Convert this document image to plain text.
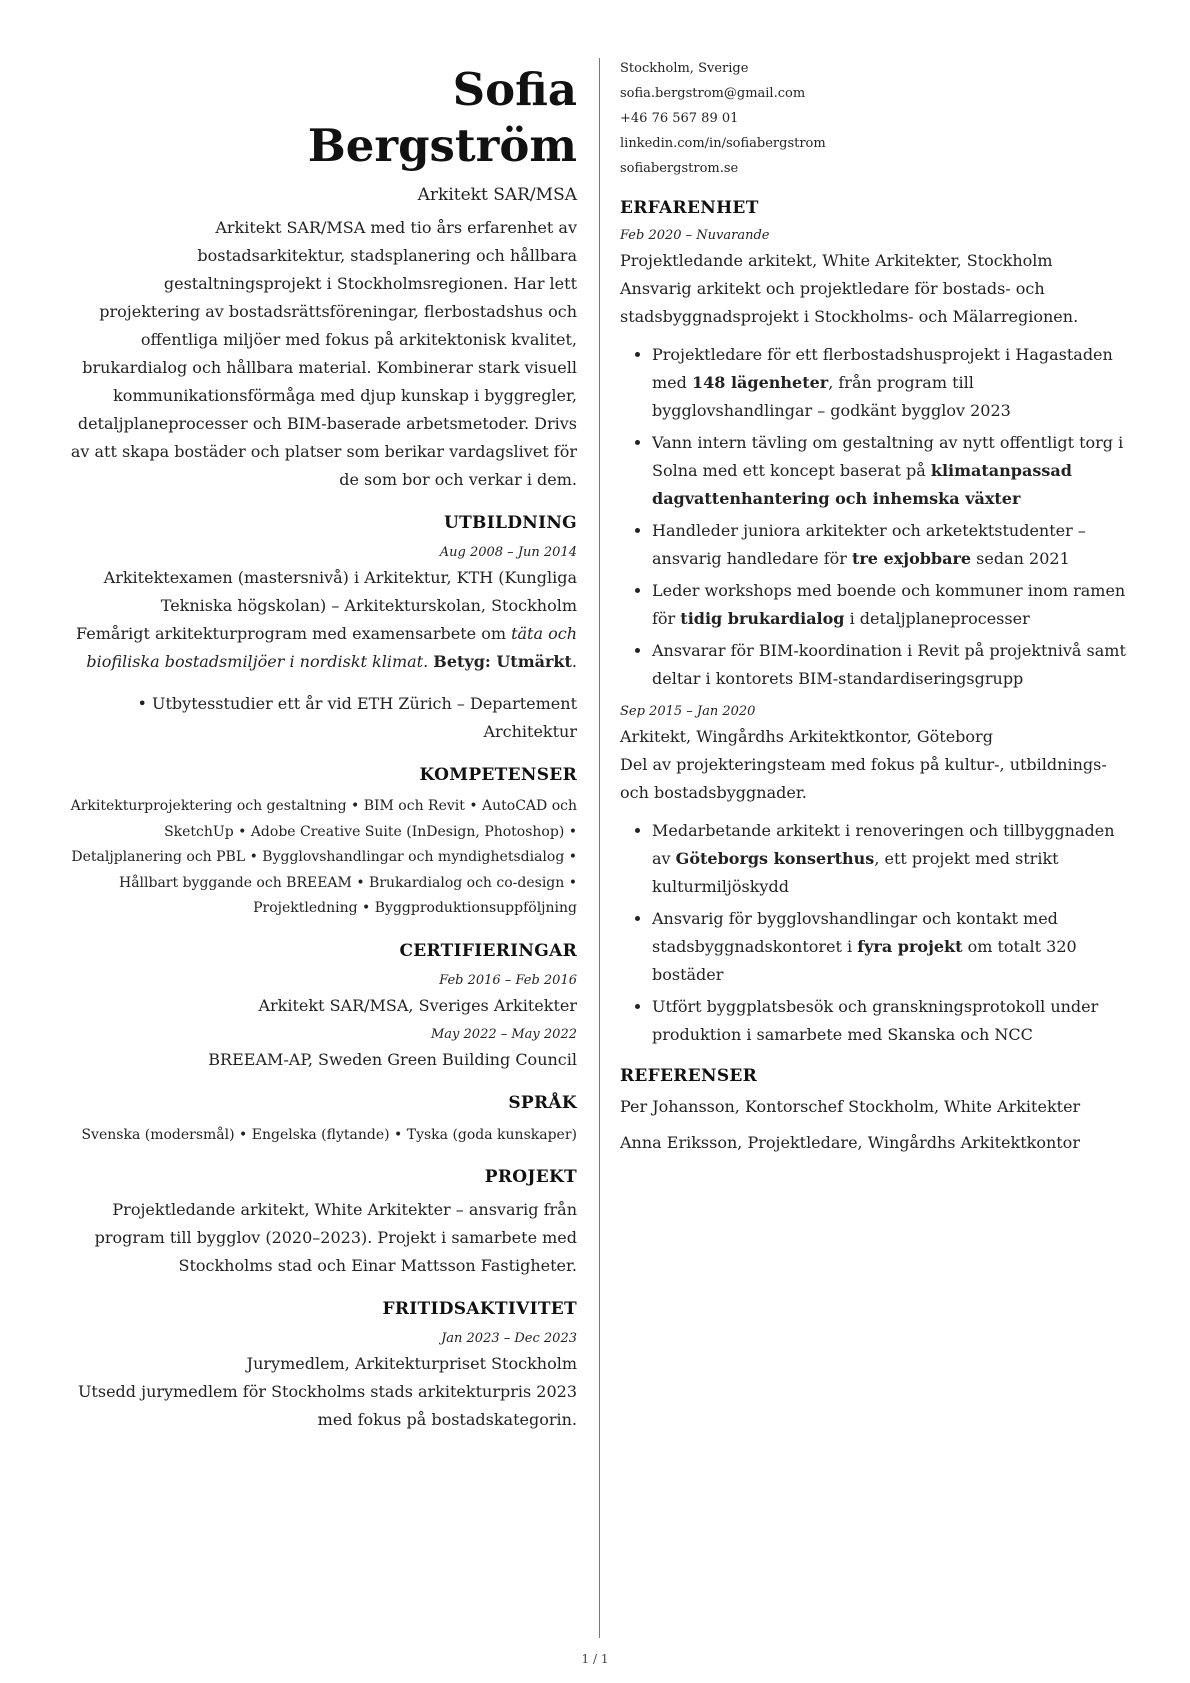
Sofia
Bergström
Arkitekt SAR/MSA
Arkitekt SAR/MSA med tio års erfarenhet av bostadsarkitektur, stadsplanering och hållbara gestaltningsprojekt i Stockholmsregionen. Har lett projektering av bostadsrättsföreningar, flerbostadshus och offentliga miljöer med fokus på arkitektonisk kvalitet, brukardialog och hållbara material. Kombinerar stark visuell kommunikationsförmåga med djup kunskap i byggregler, detaljplaneprocesser och BIM-baserade arbetsmetoder. Drivs av att skapa bostäder och platser som berikar vardagslivet för de som bor och verkar i dem.
UTBILDNING
Aug 2008 – Jun 2014
Arkitektexamen (mastersnivå) i Arkitektur, KTH (Kungliga Tekniska högskolan) – Arkitekturskolan, Stockholm
Femårigt arkitekturprogram med examensarbete om täta och biofiliska bostadsmiljöer i nordiskt klimat. Betyg: Utmärkt.
• Utbytesstudier ett år vid ETH Zürich – Departement Architektur
KOMPETENSER
Arkitekturprojektering och gestaltning • BIM och Revit • AutoCAD och SketchUp • Adobe Creative Suite (InDesign, Photoshop) • Detaljplanering och PBL • Bygglovshandlingar och myndighetsdialog • Hållbart byggande och BREEAM • Brukardialog och co-design • Projektledning • Byggproduktionsuppföljning
CERTIFIERINGAR
Feb 2016 – Feb 2016
Arkitekt SAR/MSA, Sveriges Arkitekter
May 2022 – May 2022
BREEAM-AP, Sweden Green Building Council
SPRÅK
Svenska (modersmål) • Engelska (flytande) • Tyska (goda kunskaper)
PROJEKT
Projektledande arkitekt, White Arkitekter – ansvarig från program till bygglov (2020–2023). Projekt i samarbete med Stockholms stad och Einar Mattsson Fastigheter.
FRITIDSAKTIVITET
Jan 2023 – Dec 2023
Jurymedlem, Arkitekturpriset Stockholm
Utsedd jurymedlem för Stockholms stads arkitekturpris 2023 med fokus på bostadskategorin.
Stockholm, Sverige
sofia.bergstrom@gmail.com
+46 76 567 89 01
linkedin.com/in/sofiabergstrom
sofiabergstrom.se
ERFARENHET
Feb 2020 – Nuvarande
Projektledande arkitekt, White Arkitekter, Stockholm
Ansvarig arkitekt och projektledare för bostads- och stadsbyggnadsprojekt i Stockholms- och Mälarregionen.
• Projektledare för ett flerbostadshusprojekt i Hagastaden med 148 lägenheter, från program till bygglovshandlingar – godkänt bygglov 2023
• Vann intern tävling om gestaltning av nytt offentligt torg i Solna med ett koncept baserat på klimatanpassad dagvattenhantering och inhemska växter
• Handleder juniora arkitekter och arketektstudenter – ansvarig handledare för tre exjobbare sedan 2021
• Leder workshops med boende och kommuner inom ramen för tidig brukardialog i detaljplaneprocesser
• Ansvarar för BIM-koordination i Revit på projektnivå samt deltar i kontorets BIM-standardiseringsgrupp
Sep 2015 – Jan 2020
Arkitekt, Wingårdhs Arkitektkontor, Göteborg
Del av projekteringsteam med fokus på kultur-, utbildnings- och bostadsbyggnader.
• Medarbetande arkitekt i renoveringen och tillbyggnaden av Göteborgs konserthus, ett projekt med strikt kulturmiljöskydd
• Ansvarig för bygglovshandlingar och kontakt med stadsbyggnadskontoret i fyra projekt om totalt 320 bostäder
• Utfört byggplatsbesök och granskningsprotokoll under produktion i samarbete med Skanska och NCC
REFERENSER
Per Johansson, Kontorschef Stockholm, White Arkitekter
Anna Eriksson, Projektledare, Wingårdhs Arkitektkontor
1 / 1
